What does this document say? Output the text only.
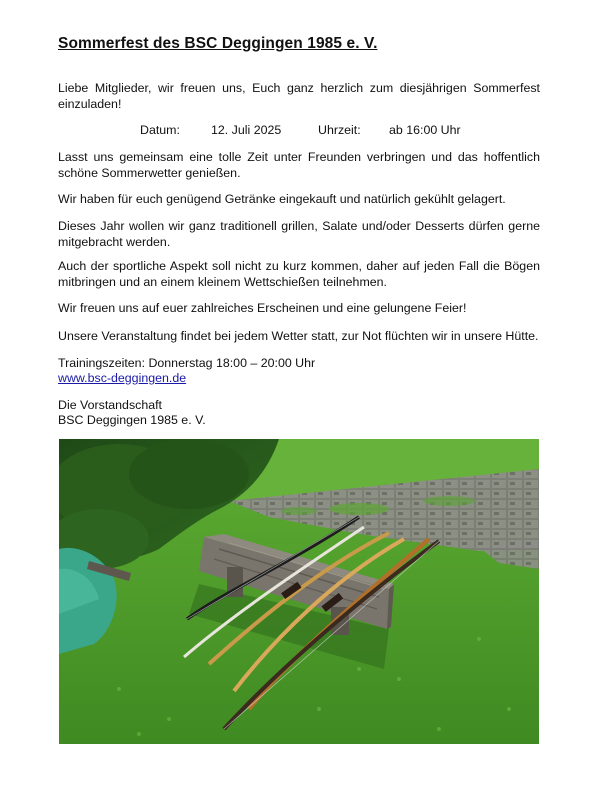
Sommerfest des BSC Deggingen 1985 e. V.

Liebe Mitglieder, wir freuen uns, Euch ganz herzlich zum diesjährigen Sommerfest einzuladen!

Datum:	12. Juli 2025	Uhrzeit: ab 16:00 Uhr

Lasst uns gemeinsam eine tolle Zeit unter Freunden verbringen und das hoffentlich schöne Sommerwetter genießen.

Wir haben für euch genügend Getränke eingekauft und natürlich gekühlt gelagert.

Dieses Jahr wollen wir ganz traditionell grillen, Salate und/oder Desserts dürfen gerne mitgebracht werden.

Auch der sportliche Aspekt soll nicht zu kurz kommen, daher auf jeden Fall die Bögen mitbringen und an einem kleinem Wettschießen teilnehmen.

Wir freuen uns auf euer zahlreiches Erscheinen und eine gelungene Feier!

Unsere Veranstaltung findet bei jedem Wetter statt, zur Not flüchten wir in unsere Hütte.

Trainingszeiten: Donnerstag 18:00 – 20:00 Uhr

www.bsc-deggingen.de

Die Vorstandschaft

BSC Deggingen 1985 e. V.
